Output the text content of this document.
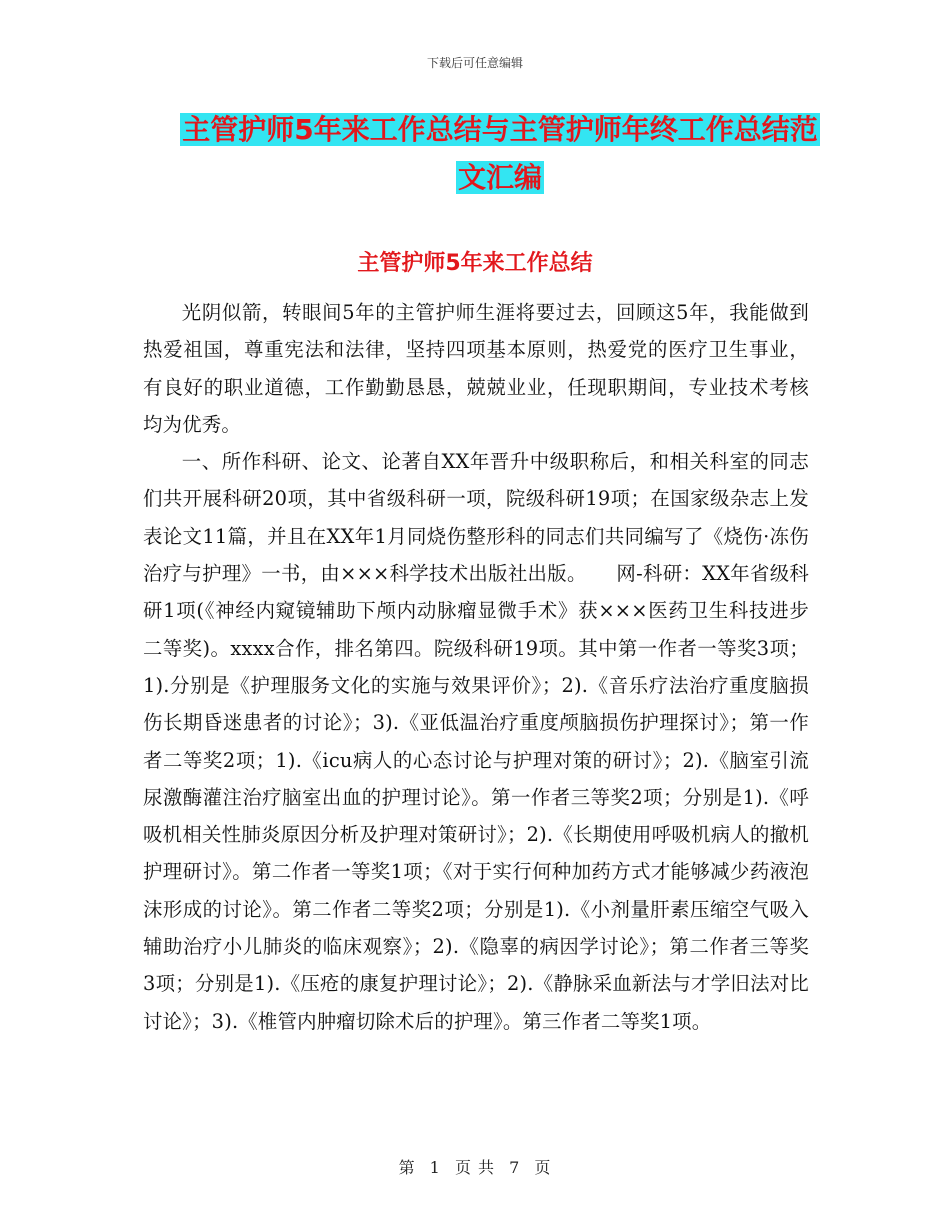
下载后可任意编辑
主管护师5年来工作总结与主管护师年终工作总结范
文汇编
主管护师5年来工作总结

光阴似箭，转眼间5年的主管护师生涯将要过去，回顾这5年，我能做到热爱祖国，尊重宪法和法律，坚持四项基本原则，热爱党的医疗卫生事业，有良好的职业道德，工作勤勤恳恳，兢兢业业，任现职期间，专业技术考核均为优秀。

一、所作科研、论文、论著自XX年晋升中级职称后，和相关科室的同志们共开展科研20项，其中省级科研一项，院级科研19项；在国家级杂志上发表论文11篇，并且在XX年1月同烧伤整形科的同志们共同编写了《烧伤·冻伤治疗与护理》一书，由×××科学技术出版社出版。　　网-科研：XX年省级科研1项(《神经内窥镜辅助下颅内动脉瘤显微手术》获×××医药卫生科技进步二等奖)。xxxx合作，排名第四。院级科研19项。其中第一作者一等奖3项；1).分别是《护理服务文化的实施与效果评价》；2).《音乐疗法治疗重度脑损伤长期昏迷患者的讨论》；3).《亚低温治疗重度颅脑损伤护理探讨》；第一作者二等奖2项；1).《icu病人的心态讨论与护理对策的研讨》；2).《脑室引流尿激酶灌注治疗脑室出血的护理讨论》。第一作者三等奖2项；分别是1).《呼吸机相关性肺炎原因分析及护理对策研讨》；2).《长期使用呼吸机病人的撤机护理研讨》。第二作者一等奖1项；《对于实行何种加药方式才能够减少药液泡沫形成的讨论》。第二作者二等奖2项；分别是1).《小剂量肝素压缩空气吸入辅助治疗小儿肺炎的临床观察》；2).《隐辜的病因学讨论》；第二作者三等奖3项；分别是1).《压疮的康复护理讨论》；2).《静脉采血新法与才学旧法对比讨论》；3).《椎管内肿瘤切除术后的护理》。第三作者二等奖1项。

第 1 页 共 7 页
